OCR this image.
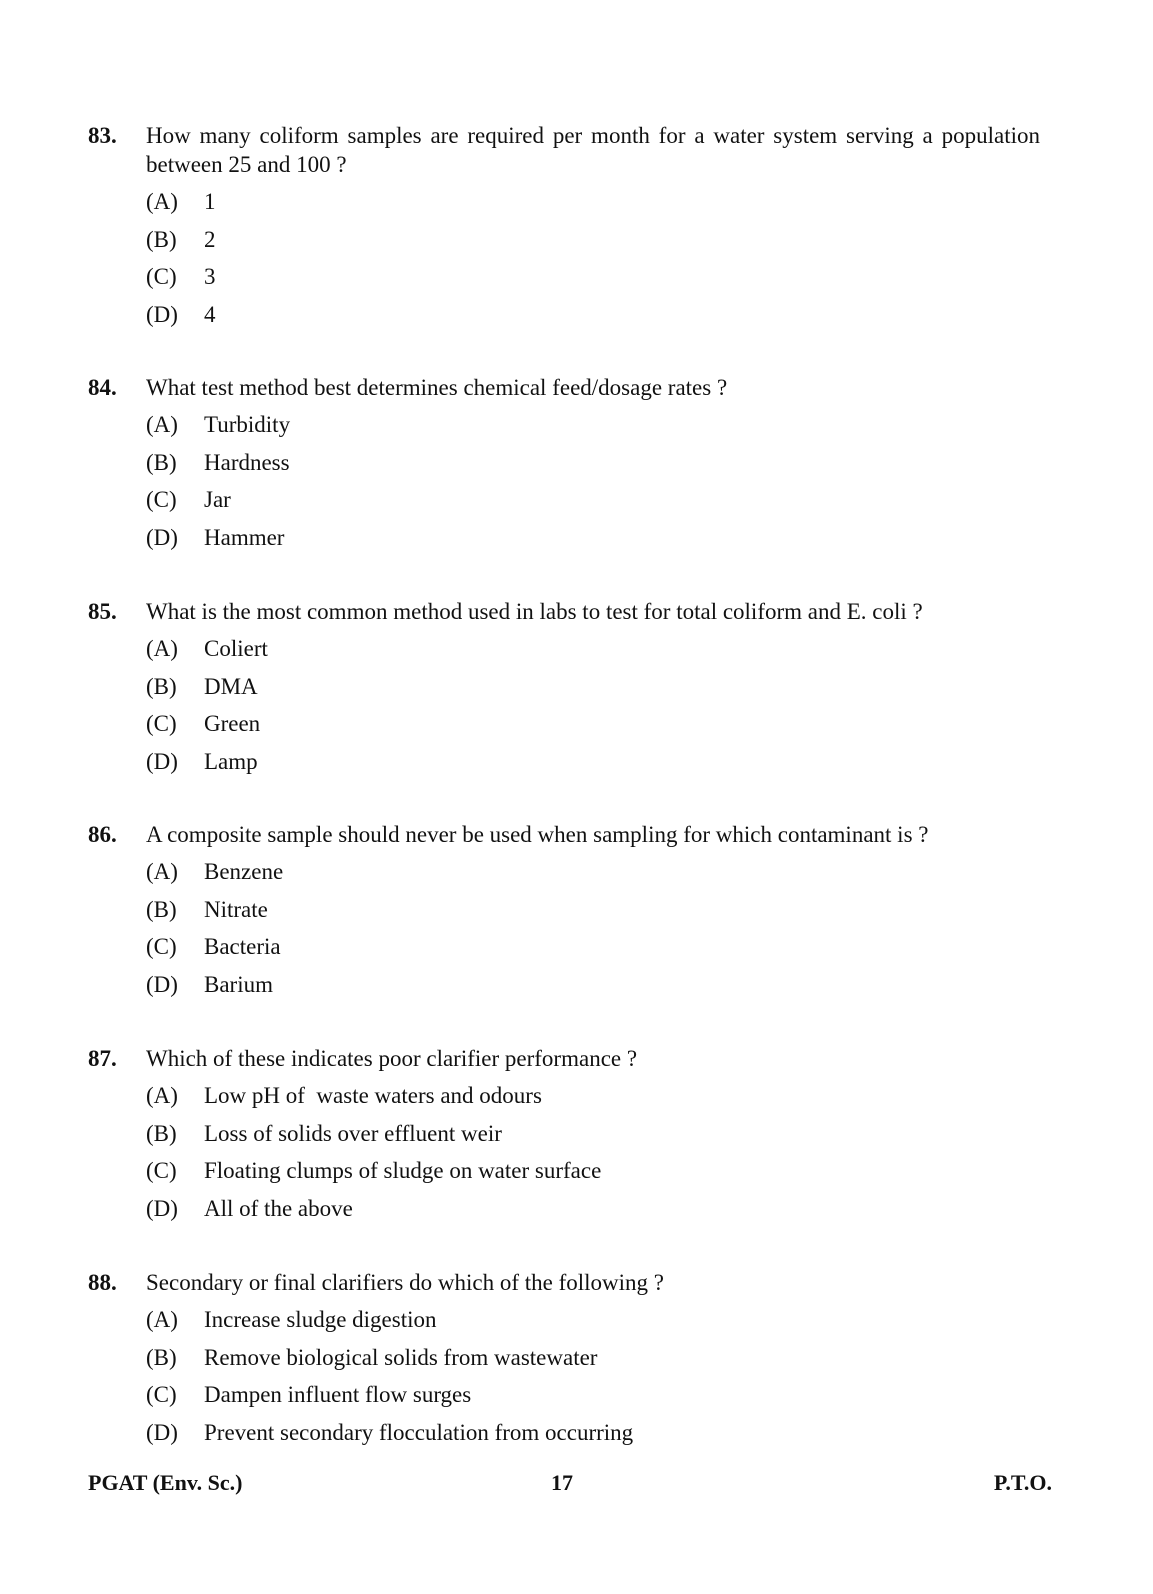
83. How many coliform samples are required per month for a water system serving a population between 25 and 100 ?
(A) 1
(B) 2
(C) 3
(D) 4
84. What test method best determines chemical feed/dosage rates ?
(A) Turbidity
(B) Hardness
(C) Jar
(D) Hammer
85. What is the most common method used in labs to test for total coliform and E. coli ?
(A) Coliert
(B) DMA
(C) Green
(D) Lamp
86. A composite sample should never be used when sampling for which contaminant is ?
(A) Benzene
(B) Nitrate
(C) Bacteria
(D) Barium
87. Which of these indicates poor clarifier performance ?
(A) Low pH of  waste waters and odours
(B) Loss of solids over effluent weir
(C) Floating clumps of sludge on water surface
(D) All of the above
88. Secondary or final clarifiers do which of the following ?
(A) Increase sludge digestion
(B) Remove biological solids from wastewater
(C) Dampen influent flow surges
(D) Prevent secondary flocculation from occurring
PGAT (Env. Sc.)	17	P.T.O.
